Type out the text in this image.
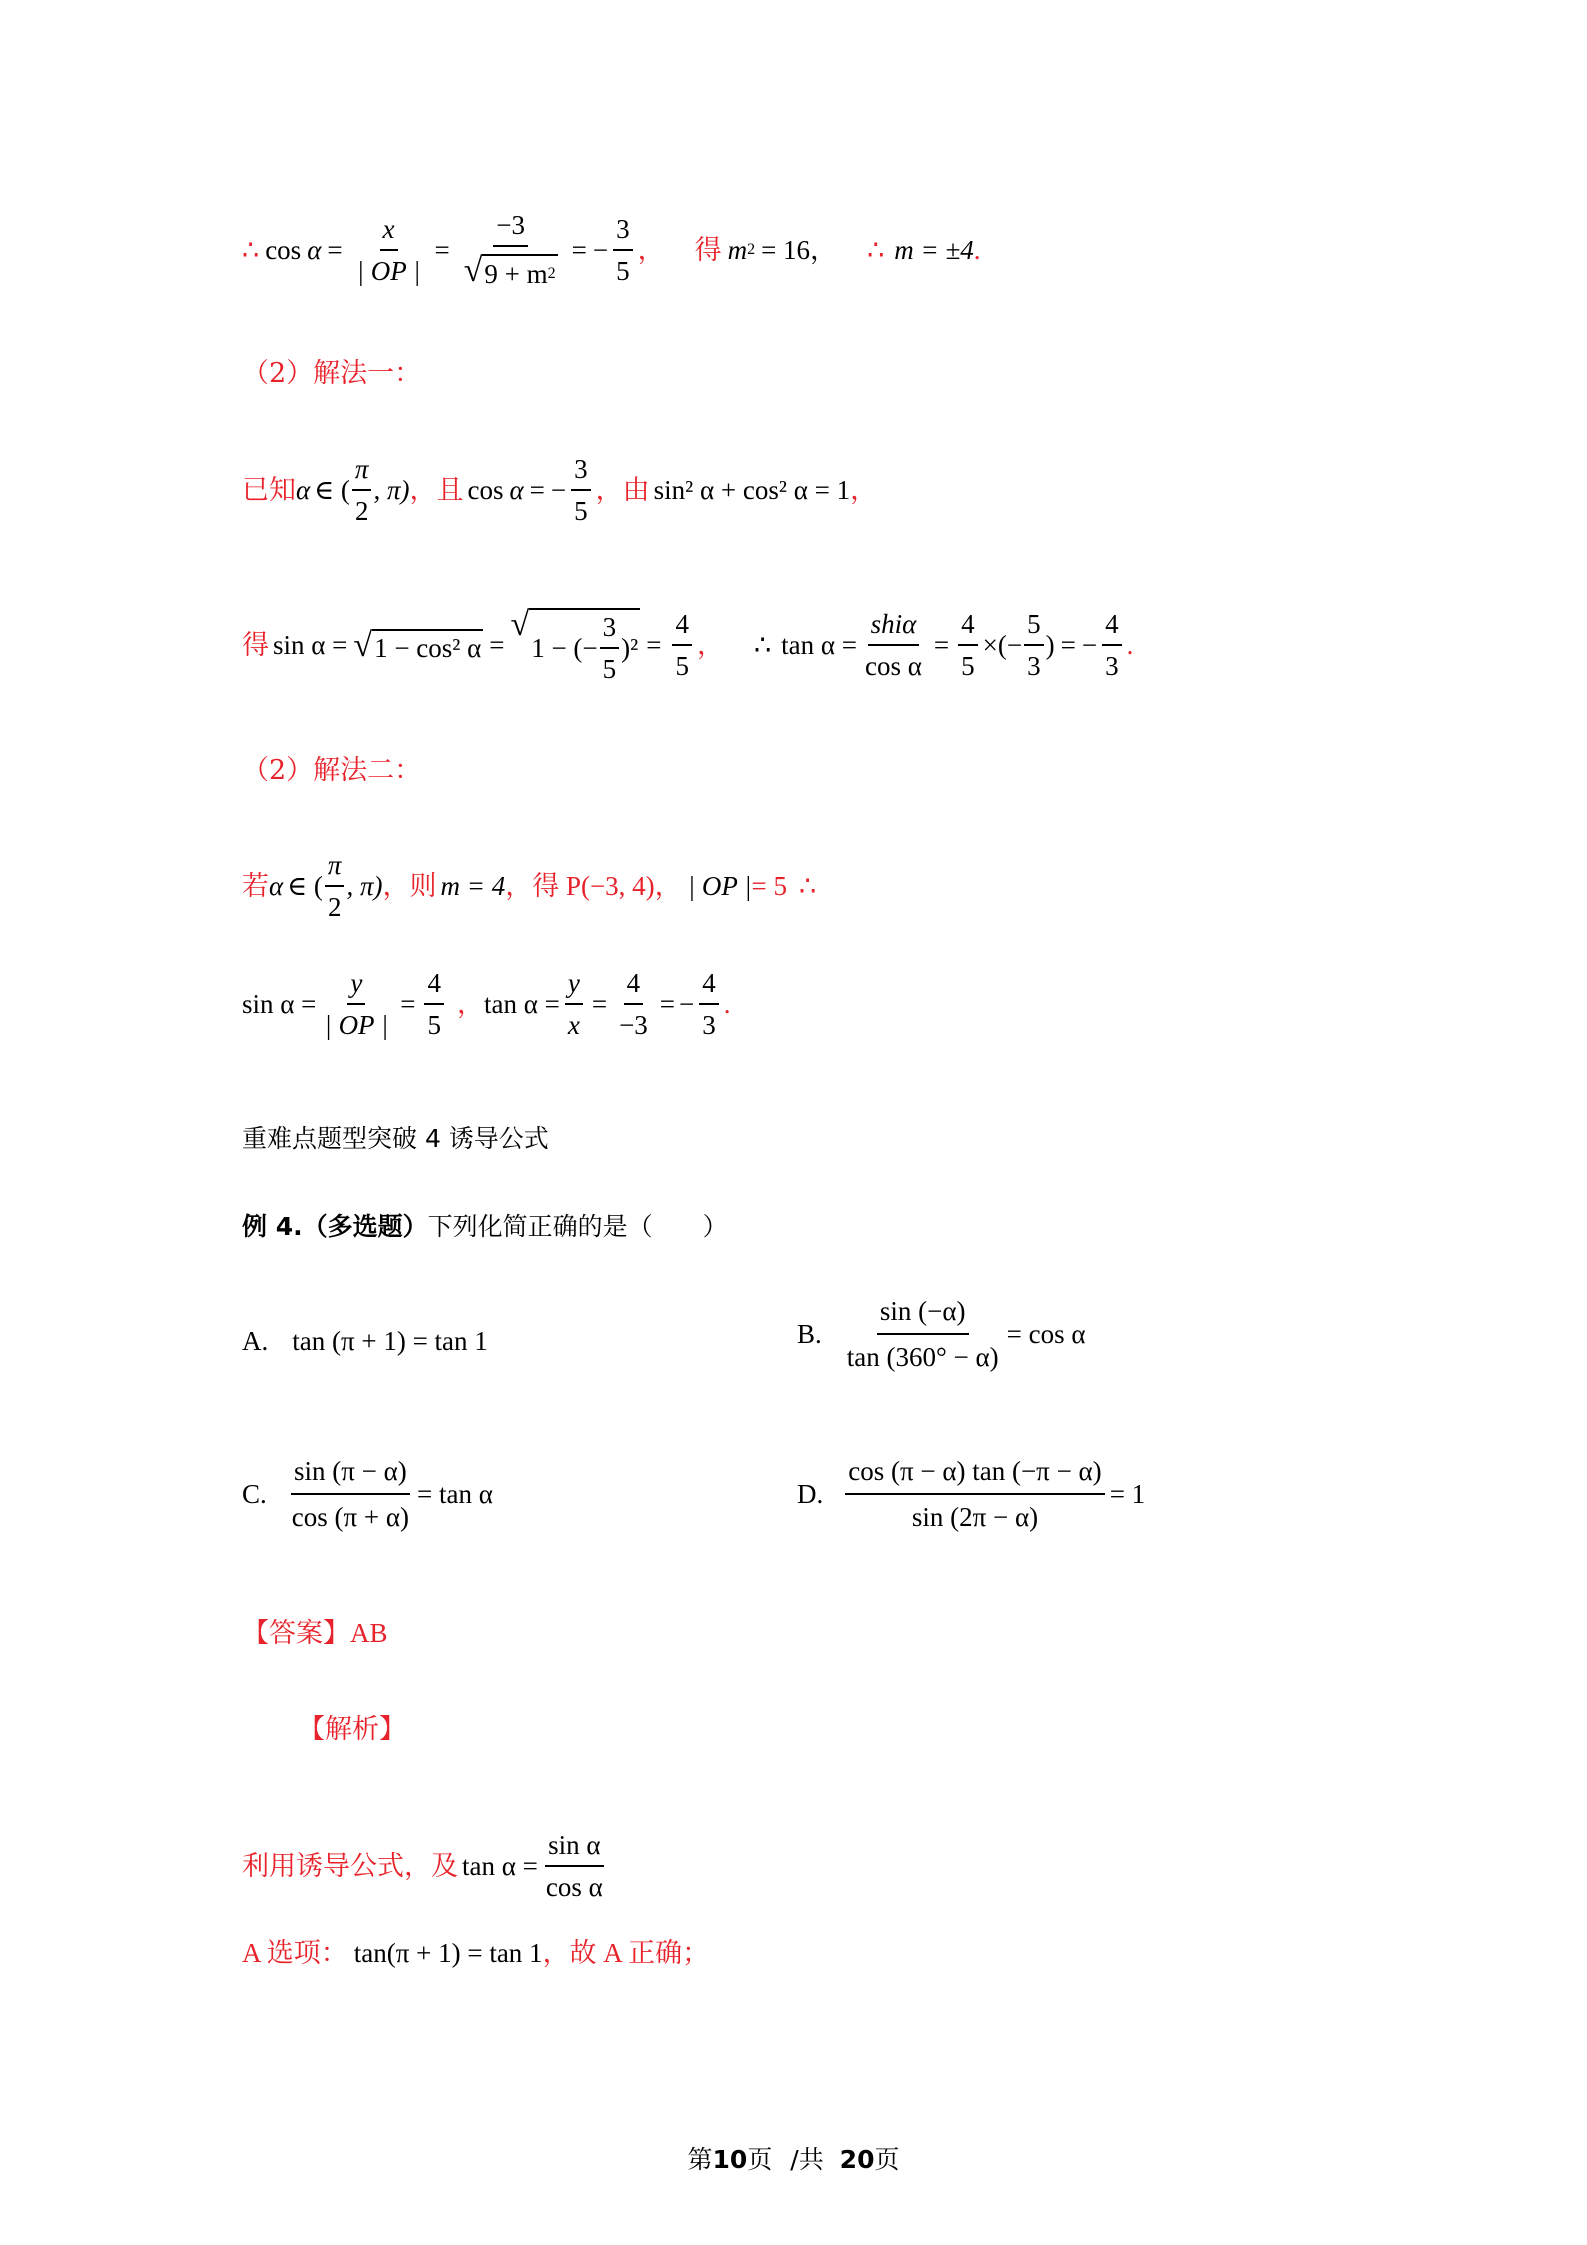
∴ $\cos \alpha = \frac{x}{| OP |} = \frac{-3}{√ 9 + m 2}$ = − $\frac{3}{5}$ ， 得 m 2 = 16， ∴ m = ±4 .
（2）解法一：
已知 α ∈ ( $\frac{\pi}{2}$ , π) ，且 cos α = − $\frac{3}{5}$ ，由 sin² α + cos² α = 1 ，
得 sin α = √ 1 − cos² α =
√
1 − (− $\frac{3}{5} )^2 = \frac{4}{5}$ ， ∴ $\tan \alpha = \frac{\text{shiα}}{\text{cos α}} = \frac{4}{5}$ ×(− $\frac{5}{3}$ ) = − $\frac{4}{3}$ .
（2）解法二：
若 α ∈ ( $\frac{\pi}{2}$ , π) ，则 m = 4 ，得 P(−3, 4)， | OP | = 5 ∴
$\sin \alpha = \frac{y}{| OP |} = \frac{4}{5}$ ， $\tan \alpha = \frac{y}{x} = \frac{4}{-3}$ = − $\frac{4}{3}$ .
重难点题型突破 4 诱导公式
例 4. （多选题） 下列化简正确的是（　　）
A. tan (π + 1) = tan 1	B. $\frac{\sin (-\alpha)}{\tan (360^\circ - \alpha)} = \cos \alpha$
C. $\frac{\sin (\pi - \alpha)}{\cos (\pi + \alpha)} = \tan \alpha$	D. $\frac{\cos (\pi - \alpha) \tan (-\pi - \alpha)}{\sin (2\pi - \alpha)} = 1$
【答案】 AB
【解析】
利用诱导公式，及 $\tan \alpha = \frac{\text{sin α}}{\text{cos α}}$
A 选项： tan(π + 1) = tan 1 ，故 A 正确；
第10页 /共 20页
